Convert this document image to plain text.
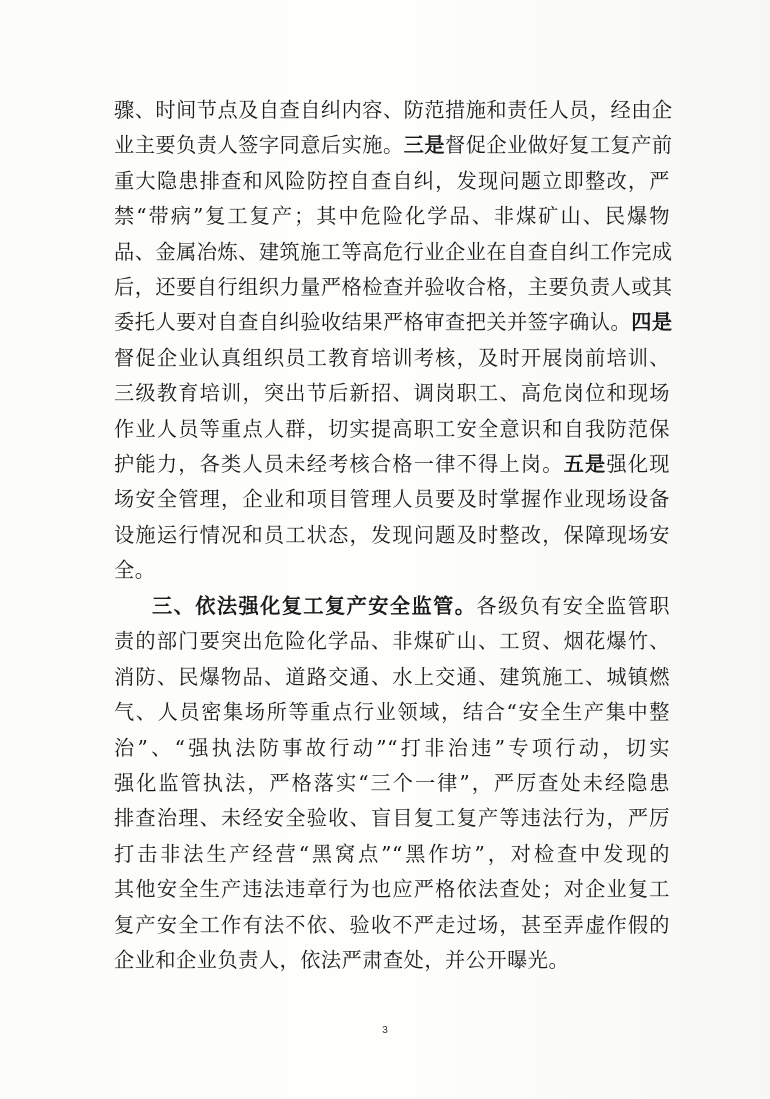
骤、时间节点及自查自纠内容、防范措施和责任人员，经由企
业主要负责人签字同意后实施。三是督促企业做好复工复产前
重大隐患排查和风险防控自查自纠，发现问题立即整改，严
禁“带病”复工复产；其中危险化学品、非煤矿山、民爆物
品、金属冶炼、建筑施工等高危行业企业在自查自纠工作完成
后，还要自行组织力量严格检查并验收合格，主要负责人或其
委托人要对自查自纠验收结果严格审查把关并签字确认。四是
督促企业认真组织员工教育培训考核，及时开展岗前培训、
三级教育培训，突出节后新招、调岗职工、高危岗位和现场
作业人员等重点人群，切实提高职工安全意识和自我防范保
护能力，各类人员未经考核合格一律不得上岗。五是强化现
场安全管理，企业和项目管理人员要及时掌握作业现场设备
设施运行情况和员工状态，发现问题及时整改，保障现场安
全。
三、依法强化复工复产安全监管。各级负有安全监管职
责的部门要突出危险化学品、非煤矿山、工贸、烟花爆竹、
消防、民爆物品、道路交通、水上交通、建筑施工、城镇燃
气、人员密集场所等重点行业领域，结合“安全生产集中整
治”、“强执法防事故行动”“打非治违”专项行动，切实
强化监管执法，严格落实“三个一律”，严厉查处未经隐患
排查治理、未经安全验收、盲目复工复产等违法行为，严厉
打击非法生产经营“黑窝点”“黑作坊”，对检查中发现的
其他安全生产违法违章行为也应严格依法查处；对企业复工
复产安全工作有法不依、验收不严走过场，甚至弄虚作假的
企业和企业负责人，依法严肃查处，并公开曝光。
3
